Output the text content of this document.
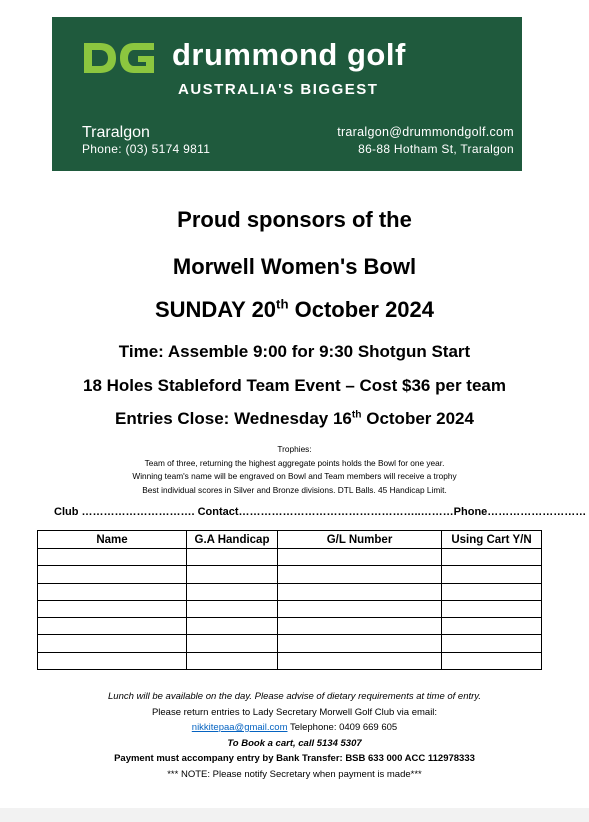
drummond golf
AUSTRALIA'S BIGGEST
Traralgon
Phone: (03) 5174 9811
traralgon@drummondgolf.com
86-88 Hotham St, Traralgon
Proud sponsors of the
Morwell Women's Bowl
SUNDAY 20th October 2024
Time: Assemble 9:00 for 9:30 Shotgun Start
18 Holes Stableford Team Event – Cost $36 per team
Entries Close: Wednesday 16th October 2024
Trophies:
Team of three, returning the highest aggregate points holds the Bowl for one year.
Winning team's name will be engraved on Bowl and Team members will receive a trophy
Best individual scores in Silver and Bronze divisions. DTL Balls. 45 Handicap Limit.
Club …………………………. Contact…………………………………………..………Phone………………………
Name	G.A Handicap	G/L Number	Using Cart Y/N

Lunch will be available on the day. Please advise of dietary requirements at time of entry.
Please return entries to Lady Secretary Morwell Golf Club via email:
nikkitepaa@gmail.com Telephone: 0409 669 605
To Book a cart, call 5134 5307
Payment must accompany entry by Bank Transfer: BSB 633 000 ACC 112978333
*** NOTE: Please notify Secretary when payment is made***
